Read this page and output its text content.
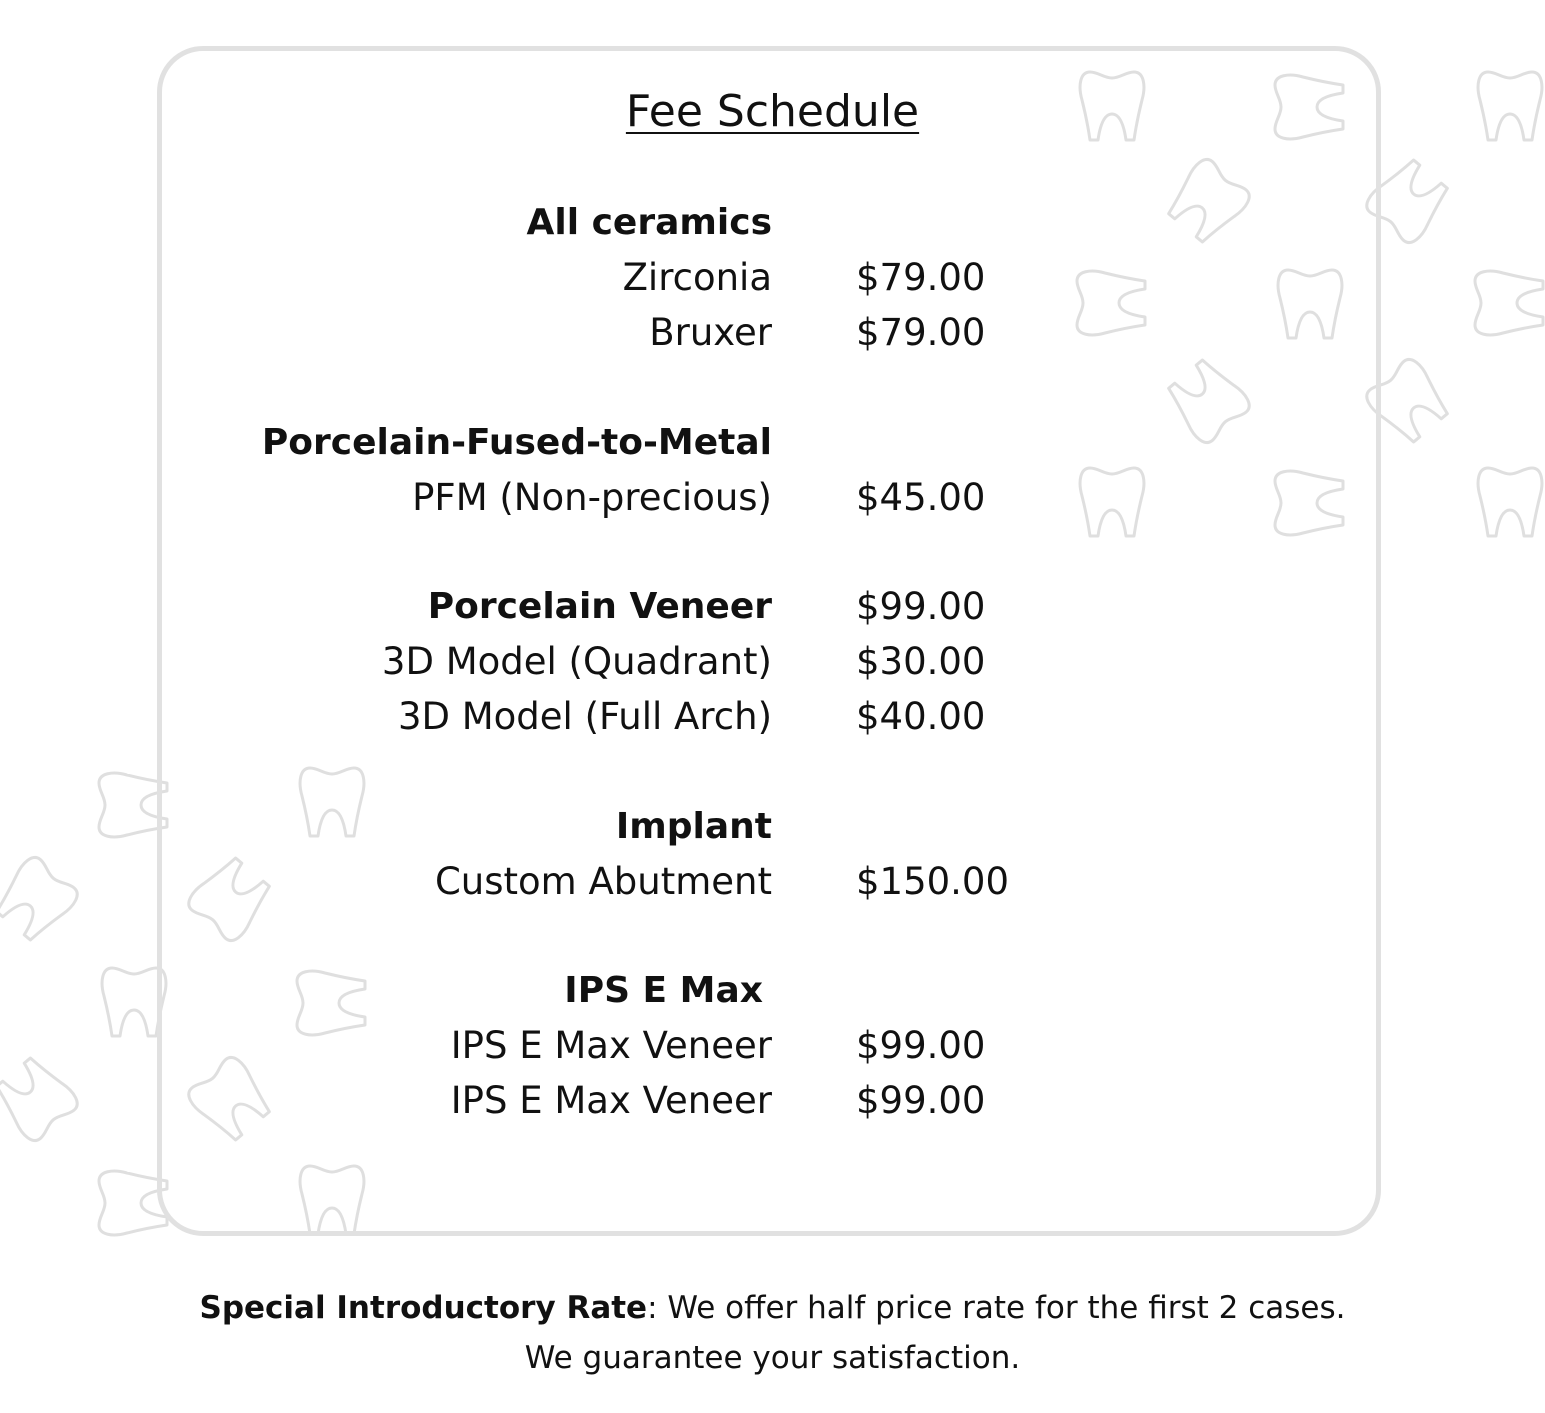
Fee Schedule
All ceramics
Zirconia $79.00
Bruxer $79.00
Porcelain-Fused-to-Metal
PFM (Non-precious) $45.00
Porcelain Veneer $99.00
3D Model (Quadrant) $30.00
3D Model (Full Arch) $40.00
Implant
Custom Abutment $150.00
IPS E Max
IPS E Max Veneer $99.00
IPS E Max Veneer $99.00
Special Introductory Rate: We offer half price rate for the first 2 cases.
We guarantee your satisfaction.
